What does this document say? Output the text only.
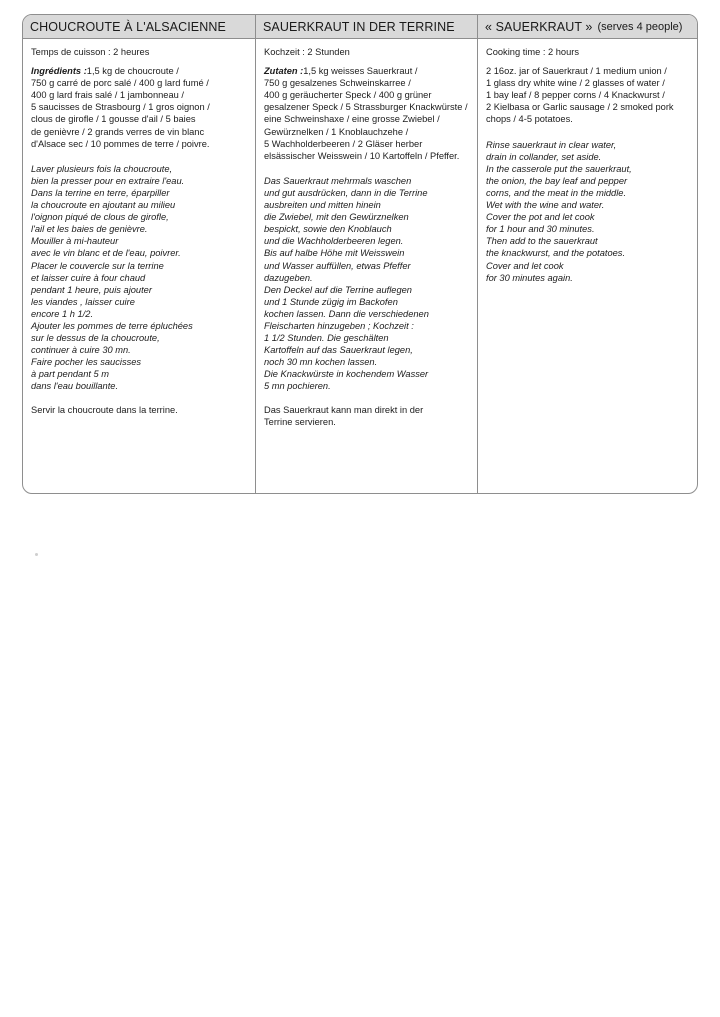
CHOUCROUTE À L'ALSACIENNE
Temps de cuisson : 2 heures
Ingrédients :1,5 kg de choucroute /
750 g carré de porc salé / 400 g lard fumé /
400 g lard frais salé / 1 jambonneau /
5 saucisses de Strasbourg / 1 gros oignon /
clous de girofle / 1 gousse d'ail / 5 baies
de genièvre / 2 grands verres de vin blanc
d'Alsace sec / 10 pommes de terre / poivre.
Laver plusieurs fois la choucroute,
bien la presser pour en extraire l'eau.
Dans la terrine en terre, éparpiller
la choucroute en ajoutant au milieu
l'oignon piqué de clous de girofle,
l'ail et les baies de genièvre.
Mouiller à mi-hauteur
avec le vin blanc et de l'eau, poivrer.
Placer le couvercle sur la terrine
et laisser cuire à four chaud
pendant 1 heure, puis ajouter
les viandes , laisser cuire
encore 1 h 1/2.
Ajouter les pommes de terre épluchées
sur le dessus de la choucroute,
continuer à cuire 30 mn.
Faire pocher les saucisses
à part pendant 5 m
dans l'eau bouillante.
Servir la choucroute dans la terrine.
SAUERKRAUT IN DER TERRINE
Kochzeit : 2 Stunden
Zutaten :1,5 kg weisses Sauerkraut /
750 g gesalzenes Schweinskarree /
400 g geräucherter Speck / 400 g grüner
gesalzener Speck / 5 Strassburger Knackwürste /
eine Schweinshaxe / eine grosse Zwiebel /
Gewürznelken / 1 Knoblauchzehe /
5 Wachholderbeeren / 2 Gläser herber
elsässischer Weisswein / 10 Kartoffeln / Pfeffer.
Das Sauerkraut mehrmals waschen
und gut ausdrücken, dann in die Terrine
ausbreiten und mitten hinein
die Zwiebel, mit den Gewürznelken
bespickt, sowie den Knoblauch
und die Wachholderbeeren legen.
Bis auf halbe Höhe mit Weisswein
und Wasser auffüllen, etwas Pfeffer
dazugeben.
Den Deckel auf die Terrine auflegen
und 1 Stunde zügig im Backofen
kochen lassen. Dann die verschiedenen
Fleischarten hinzugeben ; Kochzeit :
1 1/2 Stunden. Die geschälten
Kartoffeln auf das Sauerkraut legen,
noch 30 mn kochen lassen.
Die Knackwürste in kochendem Wasser
5 mn pochieren.
Das Sauerkraut kann man direkt in der
Terrine servieren.
« SAUERKRAUT » (serves 4 people)
Cooking time : 2 hours
2 16oz. jar of Sauerkraut / 1 medium union /
1 glass dry white wine / 2 glasses of water /
1 bay leaf / 8 pepper corns / 4 Knackwurst /
2 Kielbasa or Garlic sausage / 2 smoked pork
chops / 4-5 potatoes.
Rinse sauerkraut in clear water,
drain in collander, set aside.
In the casserole put the sauerkraut,
the onion, the bay leaf and pepper
corns, and the meat in the middle.
Wet with the wine and water.
Cover the pot and let cook
for 1 hour and 30 minutes.
Then add to the sauerkraut
the knackwurst, and the potatoes.
Cover and let cook
for 30 minutes again.
